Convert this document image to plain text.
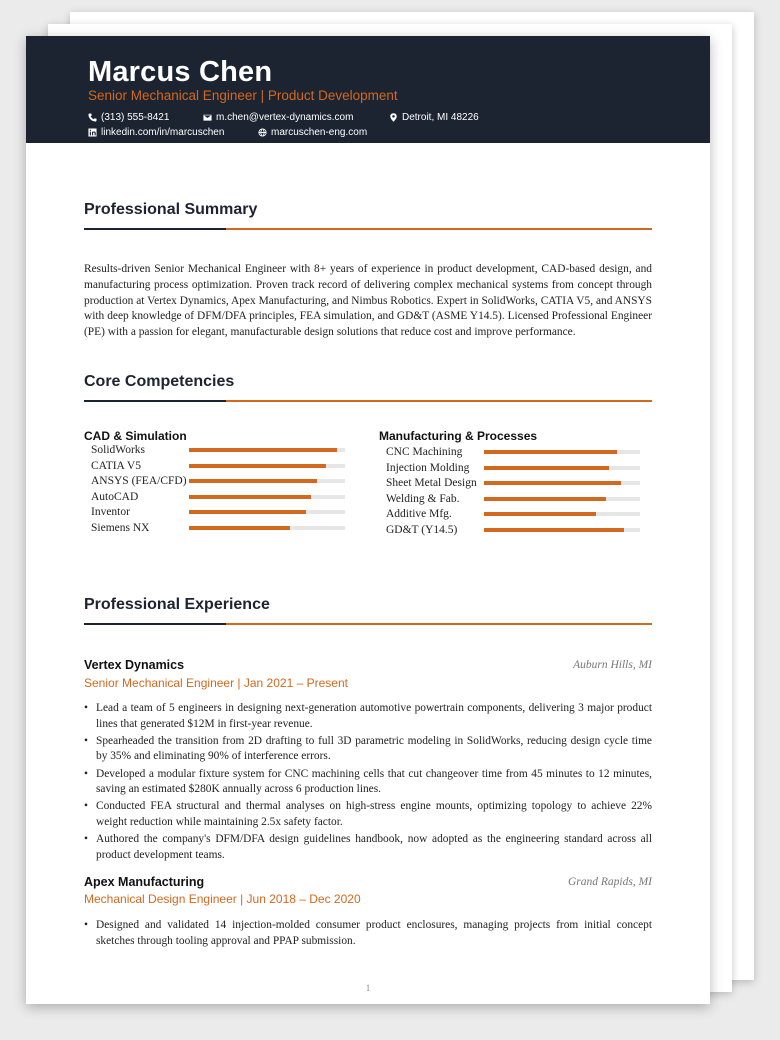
Marcus Chen
Senior Mechanical Engineer | Product Development
(313) 555-8421	m.chen@vertex-dynamics.com	Detroit, MI 48226
linkedin.com/in/marcuschen	marcuschen-eng.com
Professional Summary
Results-driven Senior Mechanical Engineer with 8+ years of experience in product development, CAD-based design, and manufacturing process optimization. Proven track record of delivering complex mechanical systems from concept through production at Vertex Dynamics, Apex Manufacturing, and Nimbus Robotics. Expert in SolidWorks, CATIA V5, and ANSYS with deep knowledge of DFM/DFA principles, FEA simulation, and GD&T (ASME Y14.5). Licensed Professional Engineer (PE) with a passion for elegant, manufacturable design solutions that reduce cost and improve performance.
Core Competencies
CAD & Simulation
SolidWorks
CATIA V5
ANSYS (FEA/CFD)
AutoCAD
Inventor
Siemens NX
Manufacturing & Processes
CNC Machining
Injection Molding
Sheet Metal Design
Welding & Fab.
Additive Mfg.
GD&T (Y14.5)
Professional Experience
Vertex Dynamics	Auburn Hills, MI
Senior Mechanical Engineer | Jan 2021 – Present
• Lead a team of 5 engineers in designing next-generation automotive powertrain components, delivering 3 major product lines that generated $12M in first-year revenue.
• Spearheaded the transition from 2D drafting to full 3D parametric modeling in SolidWorks, reducing design cycle time by 35% and eliminating 90% of interference errors.
• Developed a modular fixture system for CNC machining cells that cut changeover time from 45 minutes to 12 minutes, saving an estimated $280K annually across 6 production lines.
• Conducted FEA structural and thermal analyses on high-stress engine mounts, optimizing topology to achieve 22% weight reduction while maintaining 2.5x safety factor.
• Authored the company's DFM/DFA design guidelines handbook, now adopted as the engineering standard across all product development teams.
Apex Manufacturing	Grand Rapids, MI
Mechanical Design Engineer | Jun 2018 – Dec 2020
• Designed and validated 14 injection-molded consumer product enclosures, managing projects from initial concept sketches through tooling approval and PPAP submission.
1
